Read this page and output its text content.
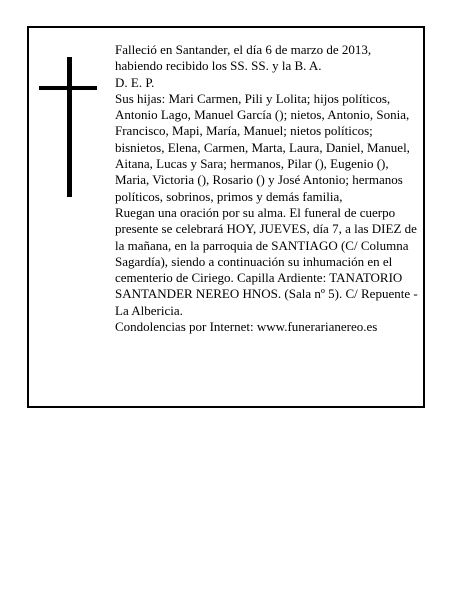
Falleció en Santander, el día 6 de marzo de 2013, habiendo recibido los SS. SS. y la B. A.

D. E. P.

Sus hijas: Mari Carmen, Pili y Lolita; hijos políticos, Antonio Lago, Manuel García (); nietos, Antonio, Sonia, Francisco, Mapi, María, Manuel; nietos políticos; bisnietos, Elena, Carmen, Marta, Laura, Daniel, Manuel, Aitana, Lucas y Sara; hermanos, Pilar (), Eugenio (), Maria, Victoria (), Rosario () y José Antonio; hermanos políticos, sobrinos, primos y demás familia,

Ruegan una oración por su alma. El funeral de cuerpo presente se celebrará HOY, JUEVES, día 7, a las DIEZ de la mañana, en la parroquia de SANTIAGO (C/ Columna Sagardía), siendo a continuación su inhumación en el cementerio de Ciriego. Capilla Ardiente: TANATORIO SANTANDER NEREO HNOS. (Sala nº 5). C/ Repuente - La Albericia.

Condolencias por Internet: www.funerarianereo.es
